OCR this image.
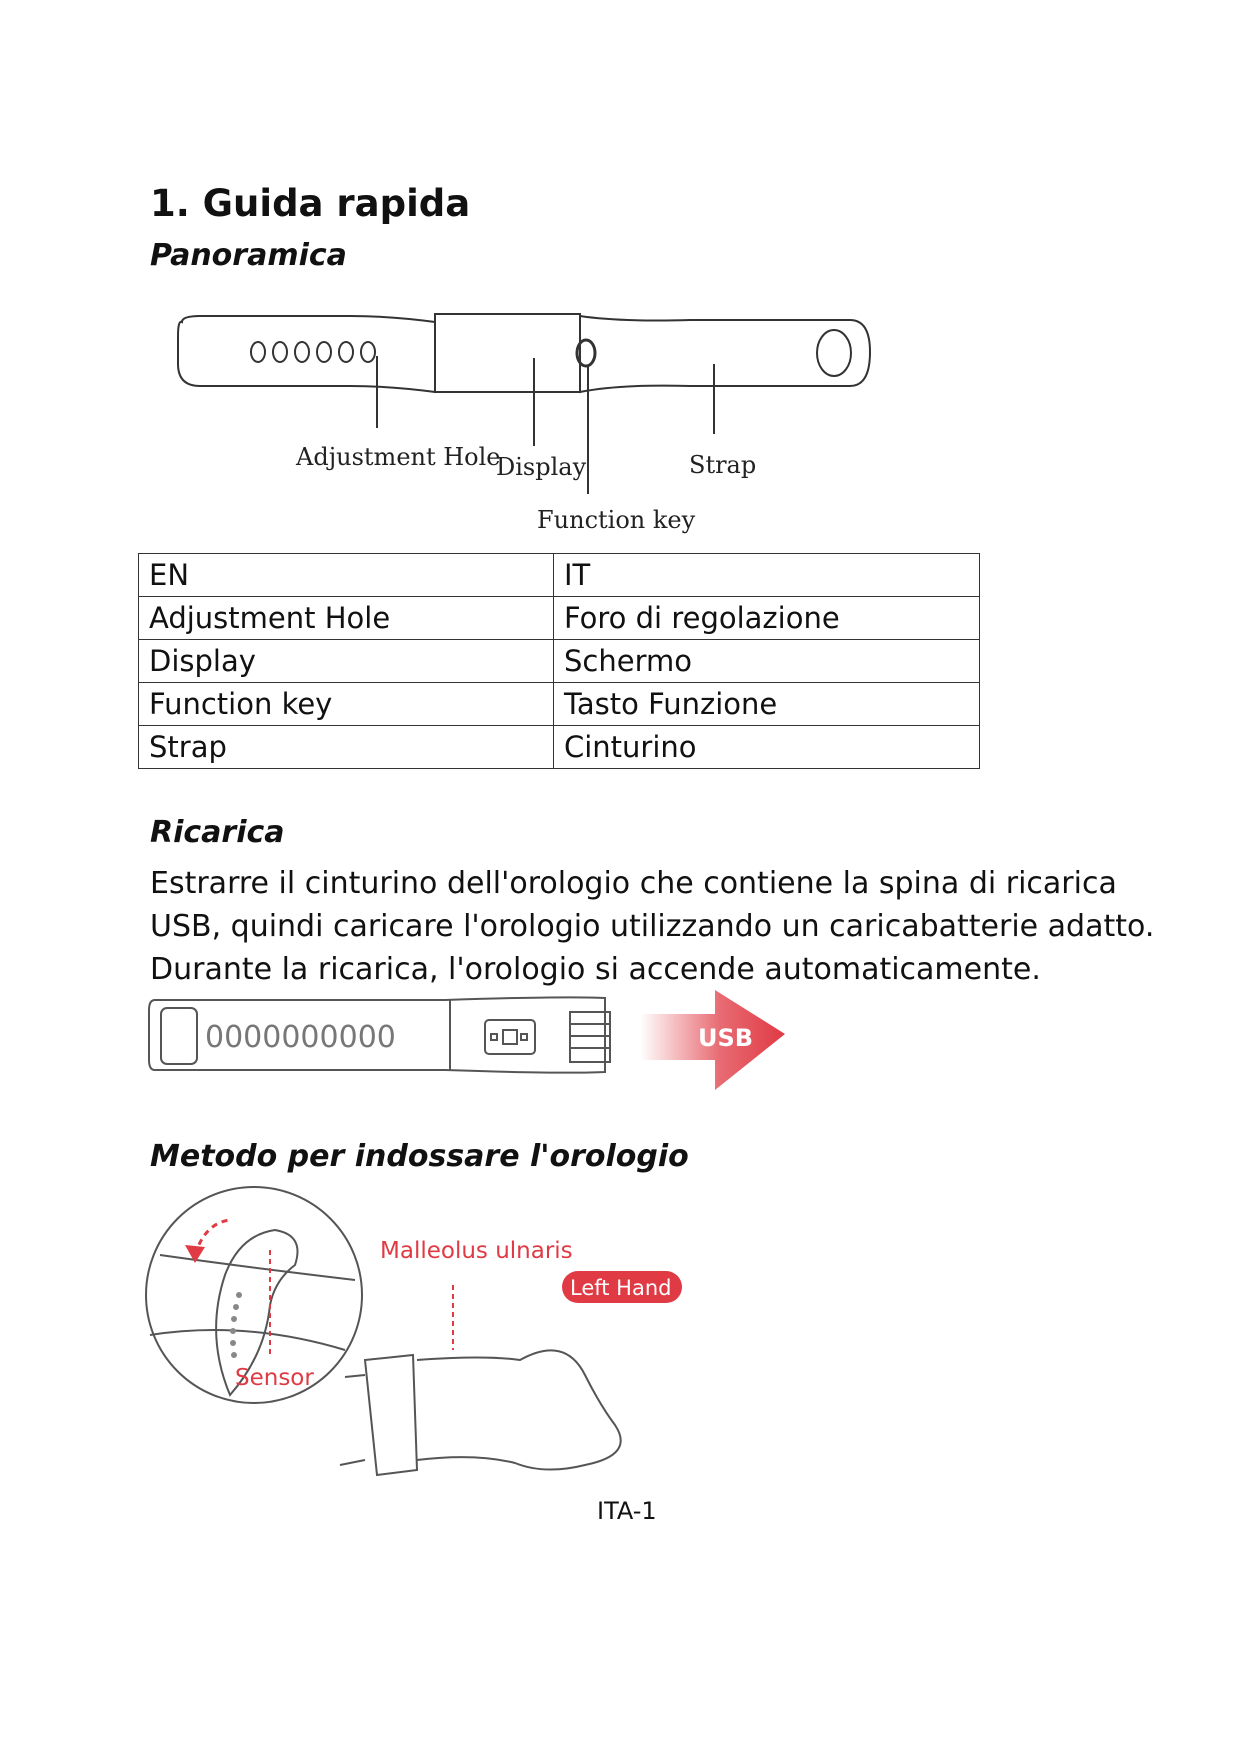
1. Guida rapida
Panoramica
Adjustment Hole
Display	Strap
Function key
EN	IT
Adjustment Hole	Foro di regolazione
Display	Schermo
Function key	Tasto Funzione
Strap	Cinturino
Ricarica
Estrarre il cinturino dell'orologio che contiene la spina di ricarica
USB, quindi caricare l'orologio utilizzando un caricabatterie adatto.
Durante la ricarica, l'orologio si accende automaticamente.
0000000000	USB
Metodo per indossare l'orologio
Malleolus ulnaris
Left Hand
Sensor
ITA-1
